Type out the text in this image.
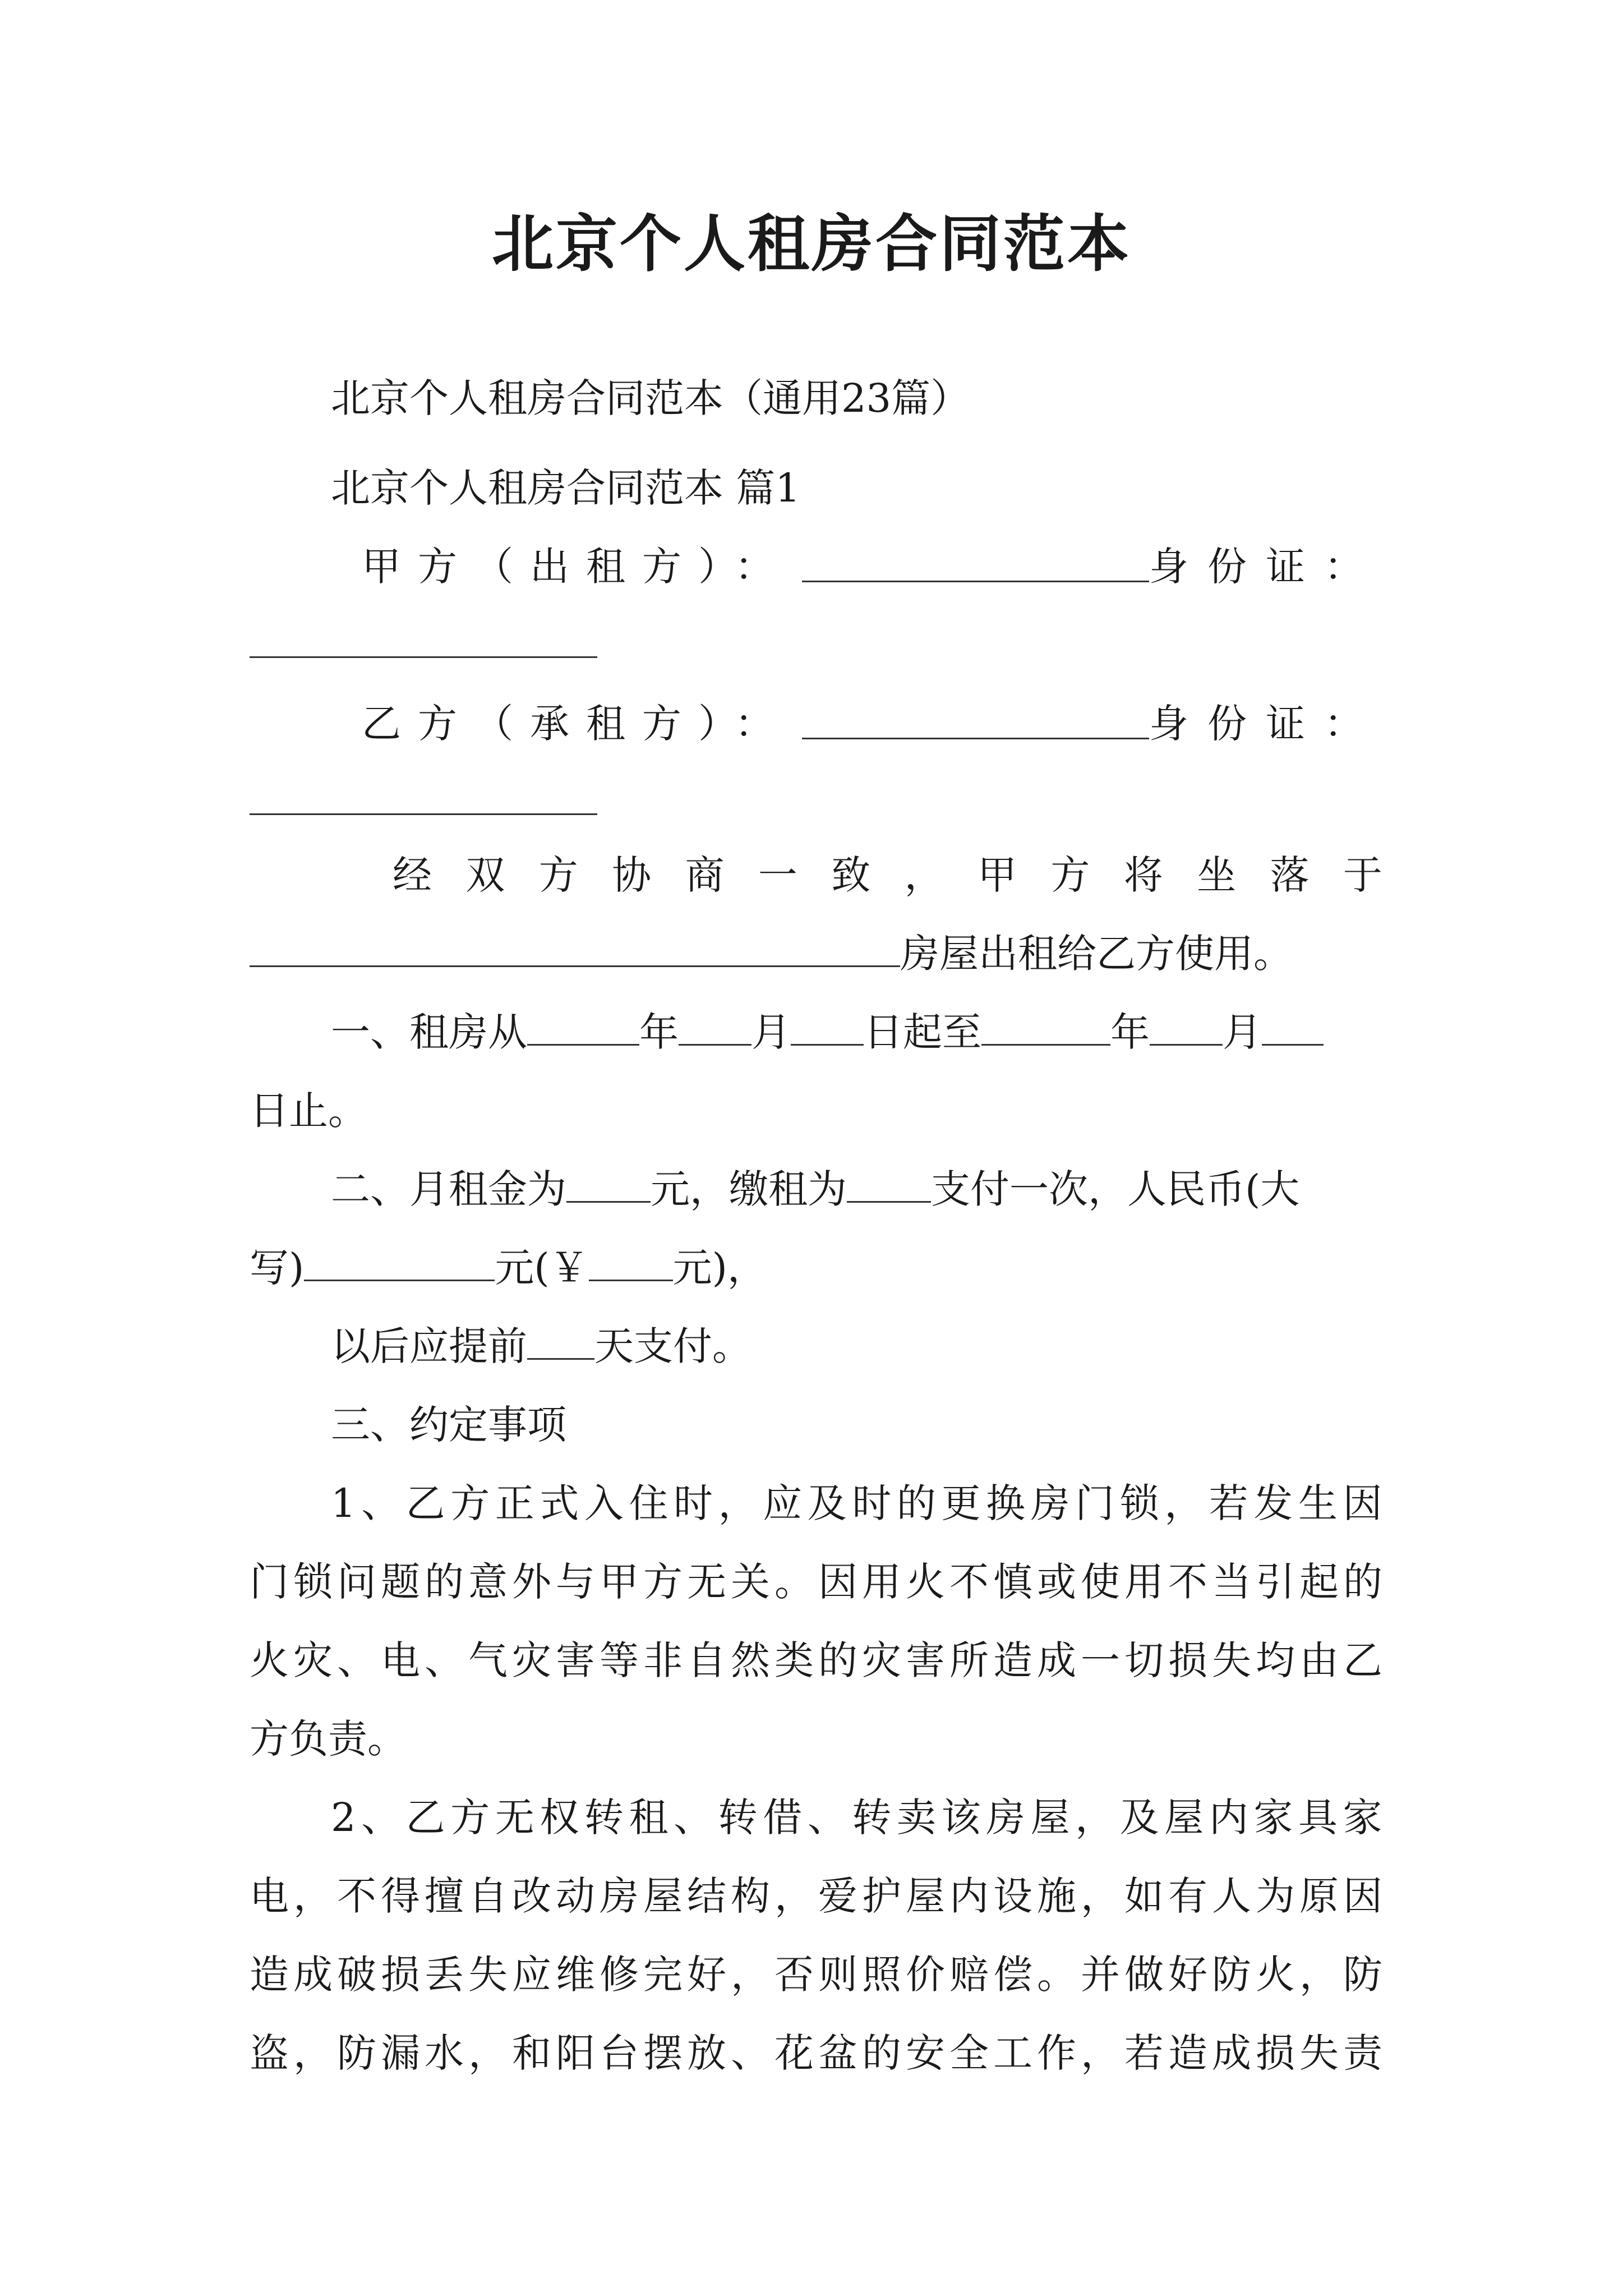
北京个人租房合同范本
北京个人租房合同范本（通用23篇）
北京个人租房合同范本 篇1
甲方（出租方）：	身份证：
乙方（承租方）：	身份证：
经 双 方 协 商 一 致 ， 甲 方 将 坐 落 于
房屋出租给乙方使用。
一、租房从	年 月 日起至	年 月
日止。
二、月租金为 元，缴租为 支付一次，人民币(大
写)	元(￥ 元)，
以后应提前 天支付。
三、约定事项
1、乙方正式入住时，应及时的更换房门锁，若发生因
门锁问题的意外与甲方无关。因用火不慎或使用不当引起的
火灾、电、气灾害等非自然类的灾害所造成一切损失均由乙
方负责。
2、乙方无权转租、转借、转卖该房屋，及屋内家具家
电，不得擅自改动房屋结构，爱护屋内设施，如有人为原因
造成破损丢失应维修完好，否则照价赔偿。并做好防火，防
盗，防漏水，和阳台摆放、花盆的安全工作，若造成损失责
